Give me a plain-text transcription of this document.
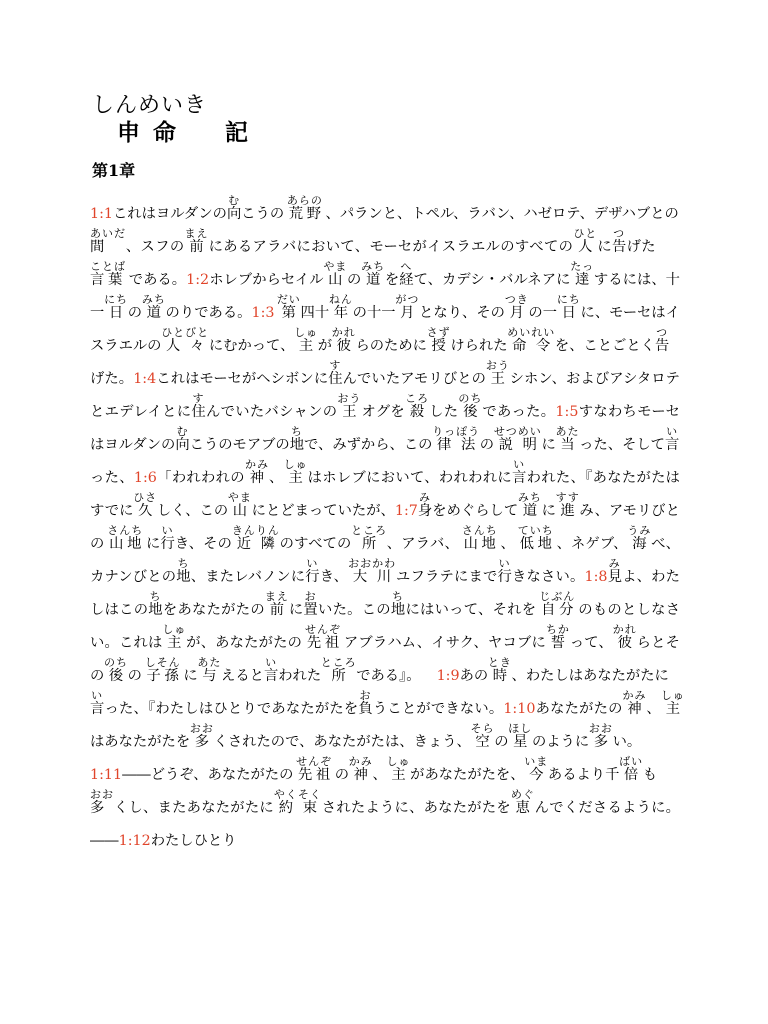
しんめいき
申命　記
第1章

1:1これはヨルダンの向むこうの 荒野あらの 、パランと、トペル、ラバン、ハゼロテ、デザハブとの 間あいだ 、スフの 前まえ にあるアラバにおいて、モーセがイスラエルのすべての 人ひと に告つげた 言葉ことば である。1:2ホレブからセイル 山やま の 道みち を経へて、カデシ・バルネアに 達たっ するには、十一 日にち の 道みち のりである。1:3 第だい 四十 年ねん の十一 月がつ となり、その 月つき の一 日にち に、モーセはイスラエルの 人々ひとびと にむかって、 主しゅ が 彼かれ らのために 授さず けられた 命令めいれい を、ことごとく告つげた。1:4これはモーセがヘシボンに住すんでいたアモリびとの 王おう シホン、およびアシタロテとエデレイとに住すんでいたバシャンの 王おう オグを 殺ころ した 後のち であった。1:5すなわちモーセはヨルダンの向むこうのモアブの地ちで、みずから、この 律法りっぽう の 説明せつめい に 当あた った、そして言いった、1:6「われわれの 神かみ 、 主しゅ はホレブにおいて、われわれに言いわれた、『あなたがたはすでに 久ひさ しく、この 山やま にとどまっていたが、1:7身みをめぐらして 道みち に 進すす み、アモリびとの 山地さんち に行いき、その 近隣きんりん のすべての 所ところ 、アラバ、 山地さんち 、 低地ていち 、ネゲブ、 海うみ べ、カナンびとの地ち、またレバノンに行いき、 大川おおかわ ユフラテにまで行いきなさい。1:8見みよ、わたしはこの地ちをあなたがたの 前まえ に置おいた。この地ちにはいって、それを 自分じぶん のものとしなさい。これは 主しゅ が、あなたがたの 先祖せんぞ アブラハム、イサク、ヤコブに 誓ちか って、 彼かれ らとその 後のち の 子孫しそん に 与あた えると言いわれた 所ところ である』。 1:9あの 時とき 、わたしはあなたがたに言いった、『わたしはひとりであなたがたを負おうことができない。1:10あなたがたの 神かみ 、 主しゅ はあなたがたを 多おお くされたので、あなたがたは、きょう、 空そら の 星ほし のように 多おお い。1:11――どうぞ、あなたがたの 先祖せんぞ の 神かみ 、 主しゅ があなたがたを、 今いま あるより千 倍ばい も 多おお くし、またあなたがたに 約束やくそく されたように、あなたがたを 恵めぐ んでくださるように。――1:12わたしひとり
